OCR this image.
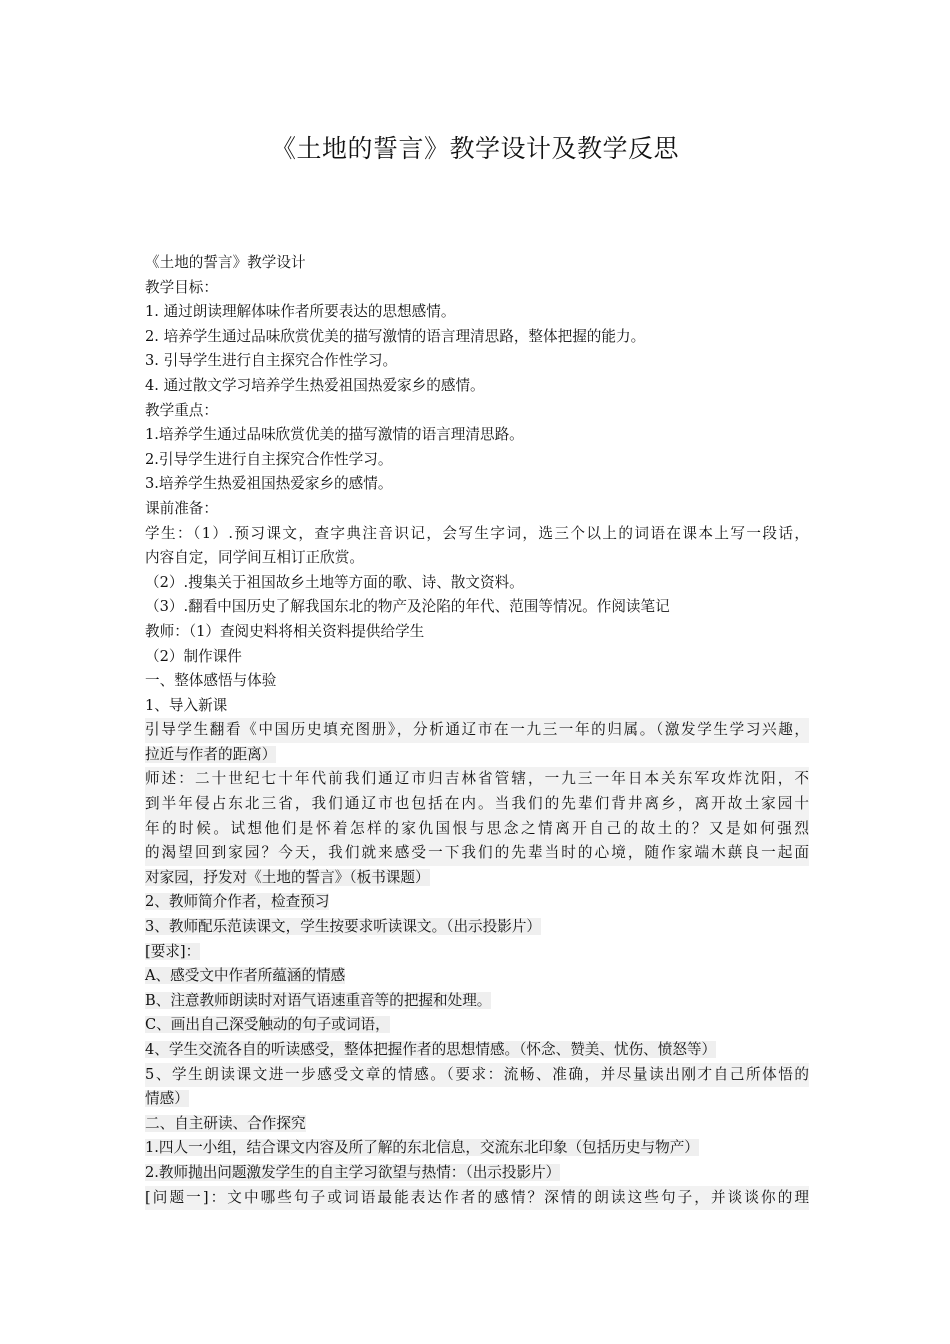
《土地的誓言》教学设计及教学反思
《土地的誓言》教学设计
教学目标：
1. 通过朗读理解体味作者所要表达的思想感情。
2. 培养学生通过品味欣赏优美的描写激情的语言理清思路，整体把握的能力。
3. 引导学生进行自主探究合作性学习。
4. 通过散文学习培养学生热爱祖国热爱家乡的感情。
教学重点：
1.培养学生通过品味欣赏优美的描写激情的语言理清思路。
2.引导学生进行自主探究合作性学习。
3.培养学生热爱祖国热爱家乡的感情。
课前准备：
学生：（1）.预习课文，查字典注音识记，会写生字词，选三个以上的词语在课本上写一段话，
内容自定，同学间互相订正欣赏。
（2）.搜集关于祖国故乡土地等方面的歌、诗、散文资料。
（3）.翻看中国历史了解我国东北的物产及沦陷的年代、范围等情况。作阅读笔记
教师：（1）查阅史料将相关资料提供给学生
（2）制作课件
一、整体感悟与体验
1、导入新课
引导学生翻看《中国历史填充图册》，分析通辽市在一九三一年的归属。（激发学生学习兴趣，
拉近与作者的距离）
师述：二十世纪七十年代前我们通辽市归吉林省管辖，一九三一年日本关东军攻炸沈阳，不
到半年侵占东北三省，我们通辽市也包括在内。当我们的先辈们背井离乡，离开故土家园十
年的时候。试想他们是怀着怎样的家仇国恨与思念之情离开自己的故土的？又是如何强烈
的渴望回到家园？今天，我们就来感受一下我们的先辈当时的心境，随作家端木蕻良一起面
对家园，抒发对《土地的誓言》（板书课题）
2、教师简介作者，检查预习
3、教师配乐范读课文，学生按要求听读课文。（出示投影片）
[要求]：
A、感受文中作者所蕴涵的情感
B、注意教师朗读时对语气语速重音等的把握和处理。
C、画出自己深受触动的句子或词语，
4、学生交流各自的听读感受，整体把握作者的思想情感。（怀念、赞美、忧伤、愤怒等）
5、学生朗读课文进一步感受文章的情感。（要求：流畅、准确，并尽量读出刚才自己所体悟的
情感）
二、自主研读、合作探究
1.四人一小组，结合课文内容及所了解的东北信息，交流东北印象（包括历史与物产）
2.教师抛出问题激发学生的自主学习欲望与热情：（出示投影片）
[问题一]：文中哪些句子或词语最能表达作者的感情？深情的朗读这些句子，并谈谈你的理
